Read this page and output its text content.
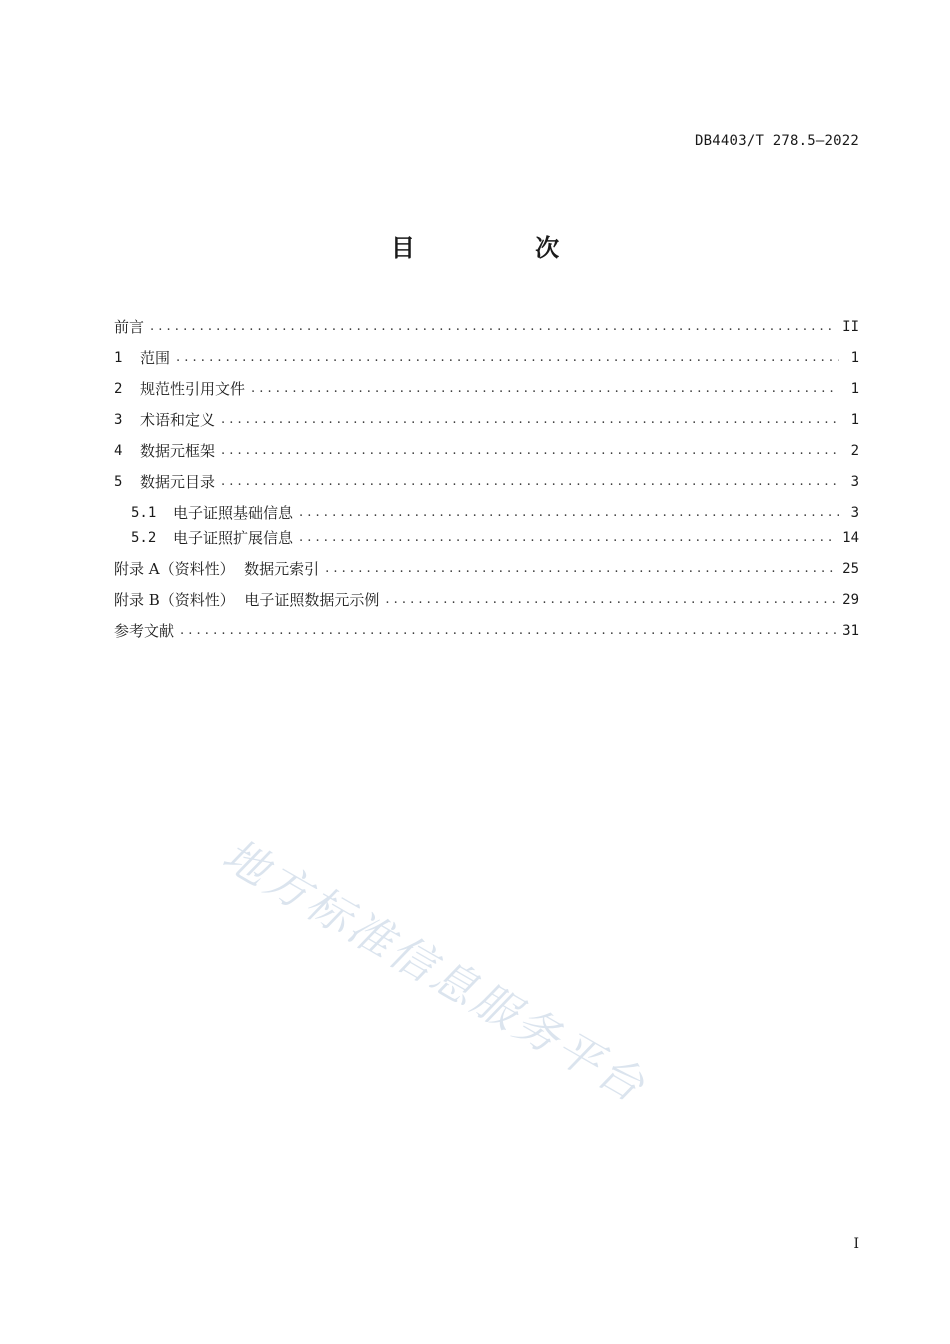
DB4403/T 278.5—2022
目 次
前言 . . .	II
1	范围 . . .	1
2	规范性引用文件 . . .	1
3	术语和定义 . . .	1
4	数据元框架 . . .	2
5	数据元目录 . . .	3
5.1	电子证照基础信息 . . .	3
5.2	电子证照扩展信息 . . .	14
附录 A（资料性）  数据元索引 . . .	25
附录 B（资料性）  电子证照数据元示例 . . .	29
参考文献 . . .	31
地方标准信息服务平台
I
